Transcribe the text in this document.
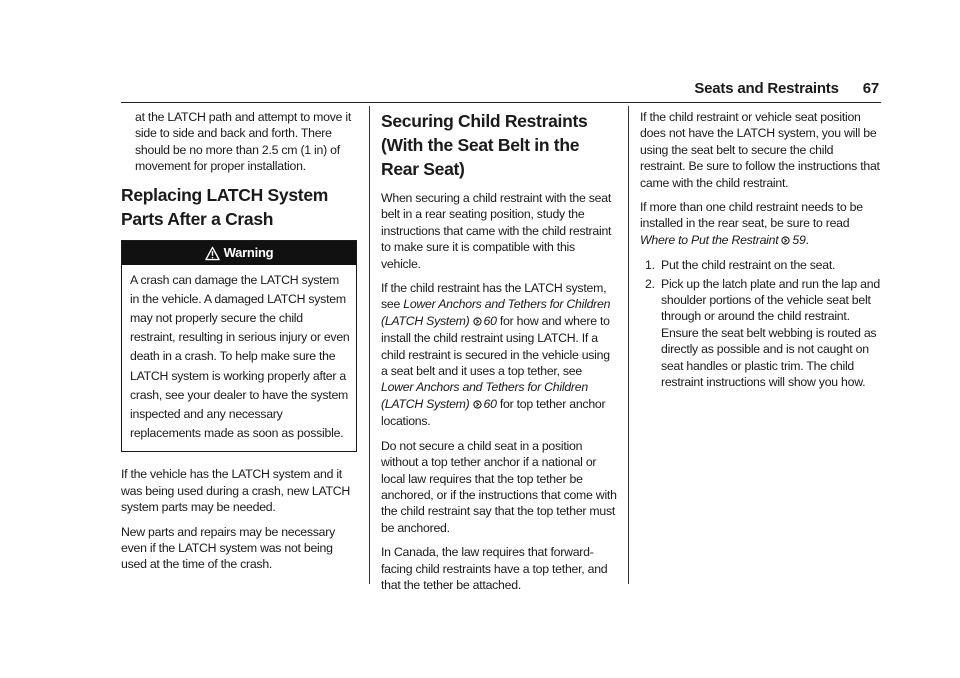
Seats and Restraints 67

at the LATCH path and attempt to move it side to side and back and forth. There should be no more than 2.5 cm (1 in) of movement for proper installation.

Replacing LATCH System Parts After a Crash
Warning
A crash can damage the LATCH system in the vehicle. A damaged LATCH system may not properly secure the child restraint, resulting in serious injury or even death in a crash. To help make sure the LATCH system is working properly after a crash, see your dealer to have the system inspected and any necessary replacements made as soon as possible.

If the vehicle has the LATCH system and it was being used during a crash, new LATCH system parts may be needed.

New parts and repairs may be necessary even if the LATCH system was not being used at the time of the crash.

Securing Child Restraints (With the Seat Belt in the Rear Seat)

When securing a child restraint with the seat belt in a rear seating position, study the instructions that came with the child restraint to make sure it is compatible with this vehicle.

If the child restraint has the LATCH system, see Lower Anchors and Tethers for Children (LATCH System) 60 for how and where to install the child restraint using LATCH. If a child restraint is secured in the vehicle using a seat belt and it uses a top tether, see Lower Anchors and Tethers for Children (LATCH System) 60 for top tether anchor locations.

Do not secure a child seat in a position without a top tether anchor if a national or local law requires that the top tether be anchored, or if the instructions that come with the child restraint say that the top tether must be anchored.

In Canada, the law requires that forward-facing child restraints have a top tether, and that the tether be attached.

If the child restraint or vehicle seat position does not have the LATCH system, you will be using the seat belt to secure the child restraint. Be sure to follow the instructions that came with the child restraint.

If more than one child restraint needs to be installed in the rear seat, be sure to read Where to Put the Restraint 59.

1. Put the child restraint on the seat.
2. Pick up the latch plate and run the lap and shoulder portions of the vehicle seat belt through or around the child restraint. Ensure the seat belt webbing is routed as directly as possible and is not caught on seat handles or plastic trim. The child restraint instructions will show you how.
